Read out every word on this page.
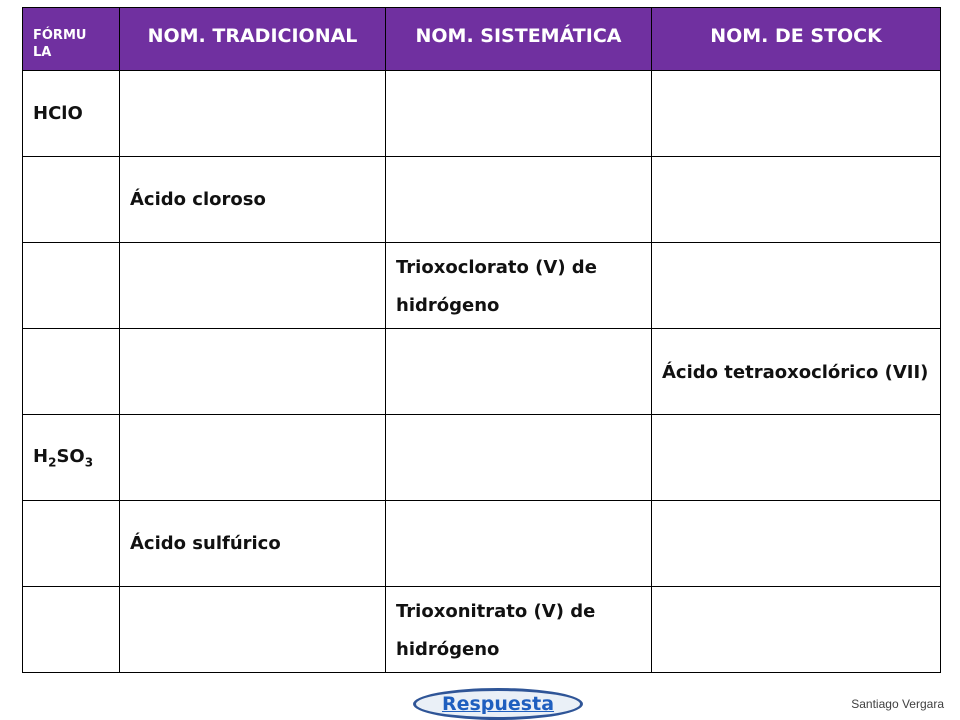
FÓRMU LA	NOM. TRADICIONAL	NOM. SISTEMÁTICA	NOM. DE STOCK
HClO			
	Ácido cloroso		
		Trioxoclorato (V) de hidrógeno	
			Ácido tetraoxoclórico (VII)
$H_2SO_3$			
	Ácido sulfúrico		
		Trioxonitrato (V) de hidrógeno	
Respuesta	Santiago Vergara
